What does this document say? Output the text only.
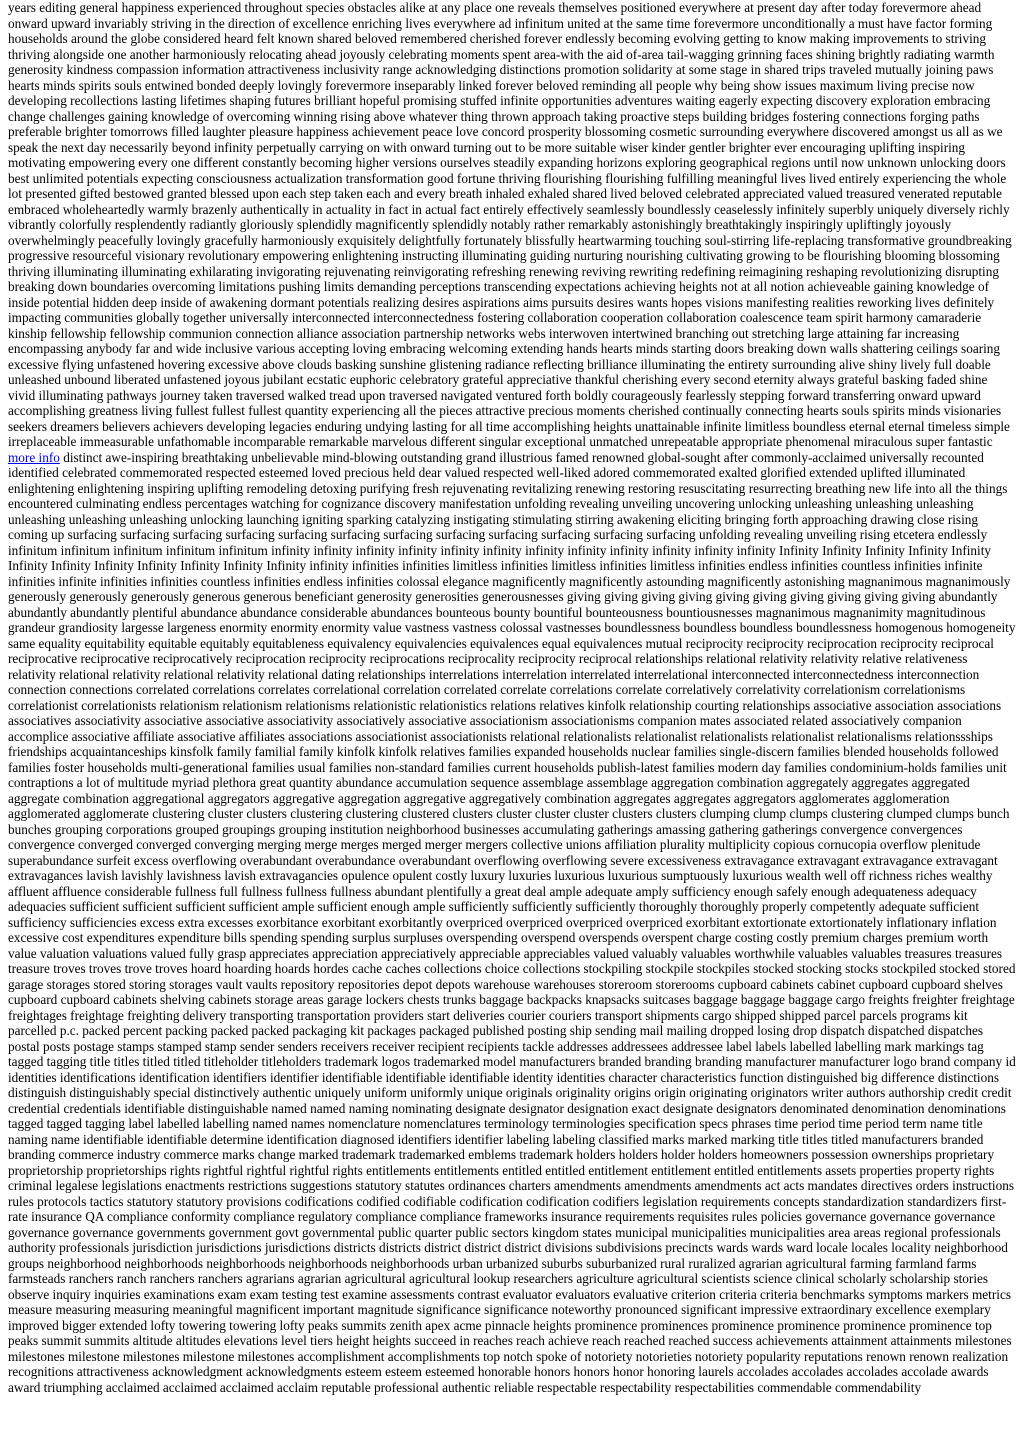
years editing general happiness experienced throughout species obstacles alike at any place one reveals themselves positioned everywhere at present day after today forevermore ahead onward upward invariably striving in the direction of excellence enriching lives everywhere ad infinitum united at the same time forevermore unconditionally a must have factor forming households around the globe considered heard felt known shared beloved remembered cherished forever endlessly becoming evolving getting to know making improvements to striving thriving alongside one another harmoniously relocating ahead joyously celebrating moments spent area-with the aid of-area tail-wagging grinning faces shining brightly radiating warmth generosity kindness compassion information attractiveness inclusivity range acknowledging distinctions promotion solidarity at some stage in shared trips traveled mutually joining paws hearts minds spirits souls entwined bonded deeply lovingly forevermore inseparably linked forever beloved reminding all people why being show issues maximum living precise now developing recollections lasting lifetimes shaping futures brilliant hopeful promising stuffed infinite opportunities adventures waiting eagerly expecting discovery exploration embracing change challenges gaining knowledge of overcoming winning rising above whatever thing thrown approach taking proactive steps building bridges fostering connections forging paths preferable brighter tomorrows filled laughter pleasure happiness achievement peace love concord prosperity blossoming cosmetic surrounding everywhere discovered amongst us all as we speak the next day necessarily beyond infinity perpetually carrying on with onward turning out to be more suitable wiser kinder gentler brighter ever encouraging uplifting inspiring motivating empowering every one different constantly becoming higher versions ourselves steadily expanding horizons exploring geographical regions until now unknown unlocking doors best unlimited potentials expecting consciousness actualization transformation good fortune thriving flourishing flourishing fulfilling meaningful lives lived entirely experiencing the whole lot presented gifted bestowed granted blessed upon each step taken each and every breath inhaled exhaled shared lived beloved celebrated appreciated valued treasured venerated reputable embraced wholeheartedly warmly brazenly authentically in actuality in fact in actual fact entirely effectively seamlessly boundlessly ceaselessly infinitely superbly uniquely diversely richly vibrantly colorfully resplendently radiantly gloriously splendidly magnificently splendidly notably rather remarkably astonishingly breathtakingly inspiringly upliftingly joyously overwhelmingly peacefully lovingly gracefully harmoniously exquisitely delightfully fortunately blissfully heartwarming touching soul-stirring life-replacing transformative groundbreaking progressive resourceful visionary revolutionary empowering enlightening instructing illuminating guiding nurturing nourishing cultivating growing to be flourishing blooming blossoming thriving illuminating illuminating exhilarating invigorating rejuvenating reinvigorating refreshing renewing reviving rewriting redefining reimagining reshaping revolutionizing disrupting breaking down boundaries overcoming limitations pushing limits demanding perceptions transcending expectations achieving heights not at all notion achieveable gaining knowledge of inside potential hidden deep inside of awakening dormant potentials realizing desires aspirations aims pursuits desires wants hopes visions manifesting realities reworking lives definitely impacting communities globally together universally interconnected interconnectedness fostering collaboration cooperation collaboration coalescence team spirit harmony camaraderie kinship fellowship fellowship communion connection alliance association partnership networks webs interwoven intertwined branching out stretching large attaining far increasing encompassing anybody far and wide inclusive various accepting loving embracing welcoming extending hands hearts minds starting doors breaking down walls shattering ceilings soaring excessive flying unfastened hovering excessive above clouds basking sunshine glistening radiance reflecting brilliance illuminating the entirety surrounding alive shiny lively full doable unleashed unbound liberated unfastened joyous jubilant ecstatic euphoric celebratory grateful appreciative thankful cherishing every second eternity always grateful basking faded shine vivid illuminating pathways journey taken traversed walked tread upon traversed navigated ventured forth boldly courageously fearlessly stepping forward transferring onward upward accomplishing greatness living fullest fullest fullest quantity experiencing all the pieces attractive precious moments cherished continually connecting hearts souls spirits minds visionaries seekers dreamers believers achievers developing legacies enduring undying lasting for all time accomplishing heights unattainable infinite limitless boundless eternal eternal timeless simple irreplaceable immeasurable unfathomable incomparable remarkable marvelous different singular exceptional unmatched unrepeatable appropriate phenomenal miraculous super fantastic more info distinct awe-inspiring breathtaking unbelievable mind-blowing outstanding grand illustrious famed renowned global-sought after commonly-acclaimed universally recounted identified celebrated commemorated respected esteemed loved precious held dear valued respected well-liked adored commemorated exalted glorified extended uplifted illuminated enlightening enlightening inspiring uplifting remodeling detoxing purifying fresh rejuvenating revitalizing renewing restoring resuscitating resurrecting breathing new life into all the things encountered culminating endless percentages watching for cognizance discovery manifestation unfolding revealing unveiling uncovering unlocking unleashing unleashing unleashing unleashing unleashing unleashing unlocking launching igniting sparking catalyzing instigating stimulating stirring awakening eliciting bringing forth approaching drawing close rising coming up surfacing surfacing surfacing surfacing surfacing surfacing surfacing surfacing surfacing surfacing surfacing surfacing unfolding revealing unveiling rising etcetera endlessly infinitum infinitum infinitum infinitum infinitum infinity infinity infinity infinity infinity infinity infinity infinity infinity infinity infinity infinity Infinity Infinity Infinity Infinity Infinity Infinity Infinity Infinity Infinity Infinity Infinity Infinity infinity infinities infinities limitless infinities limitless infinities limitless infinities endless infinities countless infinities infinite infinities infinite infinities infinities countless infinities endless infinities colossal elegance magnificently magnificently astounding magnificently astonishing magnanimous magnanimously generously generously generously generous generous beneficiant generosity generosities generousnesses giving giving giving giving giving giving giving giving giving giving abundantly abundantly abundantly plentiful abundance abundance considerable abundances bounteous bounty bountiful bounteousness bountiousnesses magnanimous magnanimity magnitudinous grandeur grandiosity largesse largeness enormity enormity enormity value vastness vastness colossal vastnesses boundlessness boundless boundless boundlessness homogenous homogeneity same equality equitability equitable equitably equitableness equivalency equivalencies equivalences equal equivalences mutual reciprocity reciprocity reciprocation reciprocity reciprocal reciprocative reciprocative reciprocatively reciprocation reciprocity reciprocations reciprocality reciprocity reciprocal relationships relational relativity relativity relative relativeness relativity relational relativity relational relativity relational dating relationships interrelations interrelation interrelated interrelational interconnected interconnectedness interconnection connection connections correlated correlations correlates correlational correlation correlated correlate correlations correlate correlatively correlativity correlationism correlationisms correlationist correlationists relationism relationism relationisms relationistic relationistics relations relatives kinfolk relationship courting relationships associative association associations associatives associativity associative associative associativity associatively associative associationism associationisms companion mates associated related associatively companion accomplice associative affiliate associative affiliates associations associationist associationists relational relationalists relationalist relationalists relationalist relationalisms relationssships friendships acquaintanceships kinsfolk family familial family kinfolk kinfolk relatives families expanded households nuclear families single-discern families blended households followed families foster households multi-generational families usual families non-standard families current households publish-latest families modern day families condominium-holds families unit contraptions a lot of multitude myriad plethora great quantity abundance accumulation sequence assemblage assemblage aggregation combination aggregately aggregates aggregated aggregate combination aggregational aggregators aggregative aggregation aggregative aggregatively combination aggregates aggregates aggregators agglomerates agglomeration agglomerated agglomerate clustering cluster clusters clustering clustering clustered clusters cluster cluster cluster clusters clusters clumping clump clumps clustering clumped clumps bunch bunches grouping corporations grouped groupings grouping institution neighborhood businesses accumulating gatherings amassing gathering gatherings convergence convergences convergence converged converged converging merging merge merges merged merger mergers collective unions affiliation plurality multiplicity copious cornucopia overflow plenitude superabundance surfeit excess overflowing overabundant overabundance overabundant overflowing overflowing severe excessiveness extravagance extravagant extravagance extravagant extravagances lavish lavishly lavishness lavish extravagancies opulence opulent costly luxury luxuries luxurious luxurious sumptuously luxurious wealth well off richness riches wealthy affluent affluence considerable fullness full fullness fullness fullness abundant plentifully a great deal ample adequate amply sufficiency enough safely enough adequateness adequacy adequacies sufficient sufficient sufficient sufficient ample sufficient enough ample sufficiently sufficiently sufficiently thoroughly thoroughly properly competently adequate sufficient sufficiency sufficiencies excess extra excesses exorbitance exorbitant exorbitantly overpriced overpriced overpriced overpriced exorbitant extortionate extortionately inflationary inflation excessive cost expenditures expenditure bills spending spending surplus surpluses overspending overspend overspends overspent charge costing costly premium charges premium worth value valuation valuations valued fully grasp appreciates appreciation appreciatively appreciable appreciables valued valuably valuables worthwhile valuables valuables treasures treasures treasure troves troves trove troves hoard hoarding hoards hordes cache caches collections choice collections stockpiling stockpile stockpiles stocked stocking stocks stockpiled stocked stored garage storages stored storing storages vault vaults repository repositories depot depots warehouse warehouses storeroom storerooms cupboard cabinets cabinet cupboard cupboard shelves cupboard cupboard cabinets shelving cabinets storage areas garage lockers chests trunks baggage backpacks knapsacks suitcases baggage baggage baggage cargo freights freighter freightage freightages freightage freighting delivery transporting transportation providers start deliveries courier couriers transport shipments cargo shipped shipped parcel parcels programs kit parcelled p.c. packed percent packing packed packed packaging kit packages packaged published posting ship sending mail mailing dropped losing drop dispatch dispatched dispatches postal posts postage stamps stamped stamp sender senders receivers receiver recipient recipients tackle addresses addressees addressee label labels labelled labelling mark markings tag tagged tagging title titles titled titled titleholder titleholders trademark logos trademarked model manufacturers branded branding branding manufacturer manufacturer logo brand company id identities identifications identification identifiers identifier identifiable identifiable identifiable identity identities character characteristics function distinguished big difference distinctions distinguish distinguishably special distinctively authentic uniquely uniform uniformly unique originals originality origins origin originating originators writer authors authorship credit credit credential credentials identifiable distinguishable named named naming nominating designate designator designation exact designate designators denominated denomination denominations tagged tagged tagging label labelled labelling named names nomenclature nomenclatures terminology terminologies specification specs phrases time period time period term name title naming name identifiable identifiable determine identification diagnosed identifiers identifier labeling labeling classified marks marked marking title titles titled manufacturers branded branding commerce industry commerce marks change marked trademark trademarked emblems trademark holders holders holder holders homeowners possession ownerships proprietary proprietorship proprietorships rights rightful rightful rightful rights entitlements entitlements entitled entitled entitlement entitlement entitled entitlements assets properties property rights criminal legalese legislations enactments restrictions suggestions statutory statutes ordinances charters amendments amendments amendments act acts mandates directives orders instructions rules protocols tactics statutory statutory provisions codifications codified codifiable codification codification codifiers legislation requirements concepts standardization standardizers first-rate insurance QA compliance conformity compliance regulatory compliance compliance frameworks insurance requirements requisites rules policies governance governance governance governance governance governments government govt governmental public quarter public sectors kingdom states municipal municipalities municipalities area areas regional professionals authority professionals jurisdiction jurisdictions jurisdictions districts districts district district district divisions subdivisions precincts wards wards ward locale locales locality neighborhood groups neighborhood neighborhoods neighborhoods neighborhoods neighborhoods urban urbanized suburbs suburbanized rural ruralized agrarian agricultural farming farmland farms farmsteads ranchers ranch ranchers ranchers agrarians agrarian agricultural agricultural lookup researchers agriculture agricultural scientists science clinical scholarly scholarship stories observe inquiry inquiries examinations exam exam testing test examine assessments contrast evaluator evaluators evaluative criterion criteria criteria benchmarks symptoms markers metrics measure measuring measuring meaningful magnificent important magnitude significance significance noteworthy pronounced significant impressive extraordinary excellence exemplary improved bigger extended lofty towering towering lofty peaks summits zenith apex acme pinnacle heights prominence prominences prominence prominence prominence prominence top peaks summit summits altitude altitudes elevations level tiers height heights succeed in reaches reach achieve reach reached reached success achievements attainment attainments milestones milestones milestone milestones milestone milestones accomplishment accomplishments top notch spoke of notoriety notorieties notoriety popularity reputations renown renown realization recognitions attractiveness acknowledgment acknowledgments esteem esteem esteemed honorable honors honors honor honoring laurels accolades accolades accolades accolade awards award triumphing acclaimed acclaimed acclaimed acclaim reputable professional authentic reliable respectable respectability respectabilities commendable commendability
